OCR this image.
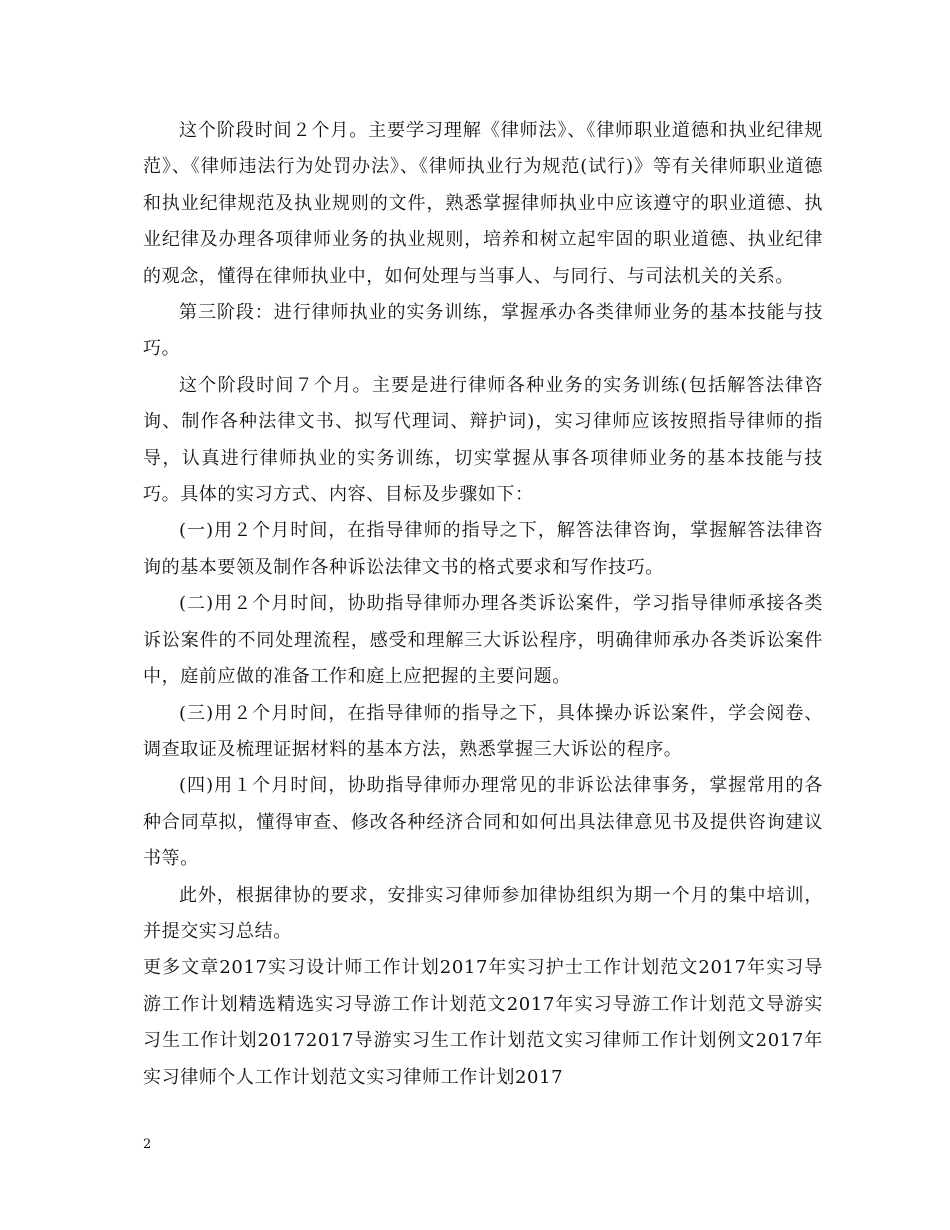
这个阶段时间２个月。主要学习理解《律师法》、《律师职业道德和执业纪律规范》、《律师违法行为处罚办法》、《律师执业行为规范(试行)》等有关律师职业道德和执业纪律规范及执业规则的文件，熟悉掌握律师执业中应该遵守的职业道德、执业纪律及办理各项律师业务的执业规则，培养和树立起牢固的职业道德、执业纪律的观念，懂得在律师执业中，如何处理与当事人、与同行、与司法机关的关系。

第三阶段：进行律师执业的实务训练，掌握承办各类律师业务的基本技能与技巧。

这个阶段时间７个月。主要是进行律师各种业务的实务训练(包括解答法律咨询、制作各种法律文书、拟写代理词、辩护词)，实习律师应该按照指导律师的指导，认真进行律师执业的实务训练，切实掌握从事各项律师业务的基本技能与技巧。具体的实习方式、内容、目标及步骤如下：

(一)用２个月时间，在指导律师的指导之下，解答法律咨询，掌握解答法律咨询的基本要领及制作各种诉讼法律文书的格式要求和写作技巧。

(二)用２个月时间，协助指导律师办理各类诉讼案件，学习指导律师承接各类诉讼案件的不同处理流程，感受和理解三大诉讼程序，明确律师承办各类诉讼案件中，庭前应做的准备工作和庭上应把握的主要问题。

(三)用２个月时间，在指导律师的指导之下，具体操办诉讼案件，学会阅卷、调查取证及梳理证据材料的基本方法，熟悉掌握三大诉讼的程序。

(四)用１个月时间，协助指导律师办理常见的非诉讼法律事务，掌握常用的各种合同草拟，懂得审查、修改各种经济合同和如何出具法律意见书及提供咨询建议书等。

此外，根据律协的要求，安排实习律师参加律协组织为期一个月的集中培训，并提交实习总结。

更多文章2017实习设计师工作计划2017年实习护士工作计划范文2017年实习导游工作计划精选精选实习导游工作计划范文2017年实习导游工作计划范文导游实习生工作计划20172017导游实习生工作计划范文实习律师工作计划例文2017年实习律师个人工作计划范文实习律师工作计划2017

2
